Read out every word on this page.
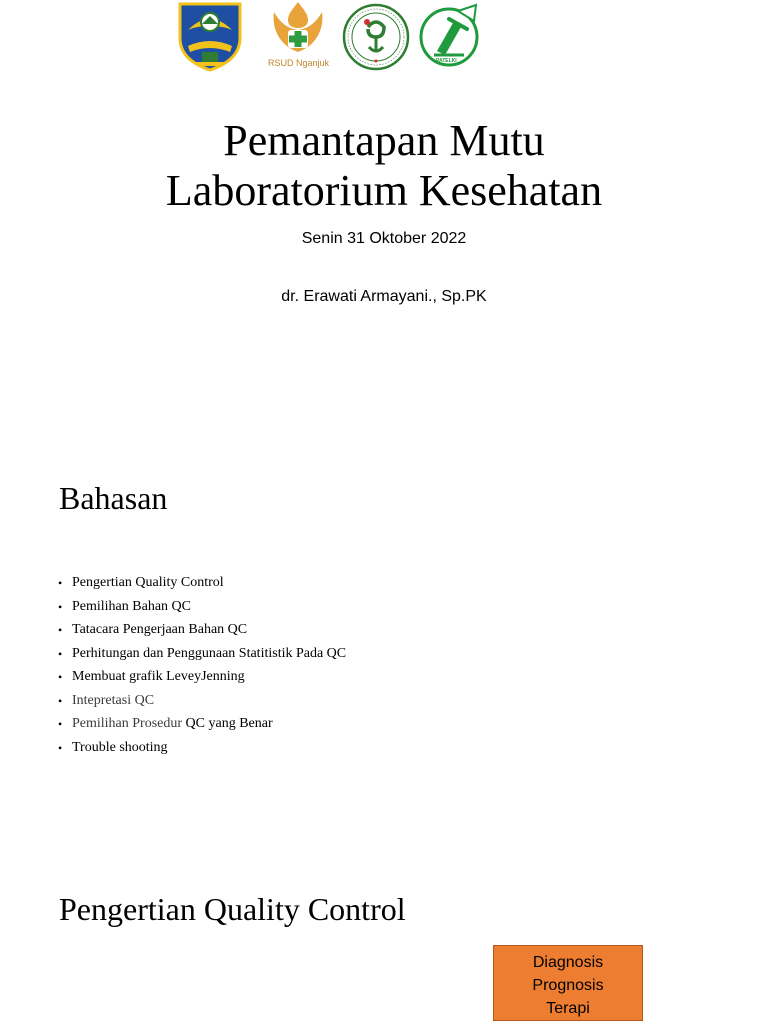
RSUD Nganjuk	PATELKI
Pemantapan Mutu
Laboratorium Kesehatan
Senin 31 Oktober 2022
dr. Erawati Armayani., Sp.PK
Bahasan
• Pengertian Quality Control
• Pemilihan Bahan QC
• Tatacara Pengerjaan Bahan QC
• Perhitungan dan Penggunaan Statitistik Pada QC
• Membuat grafik LeveyJenning
• Intepretasi QC
• Pemilihan Prosedur QC yang Benar
• Trouble shooting
Pengertian Quality Control
Diagnosis
Prognosis
Terapi
